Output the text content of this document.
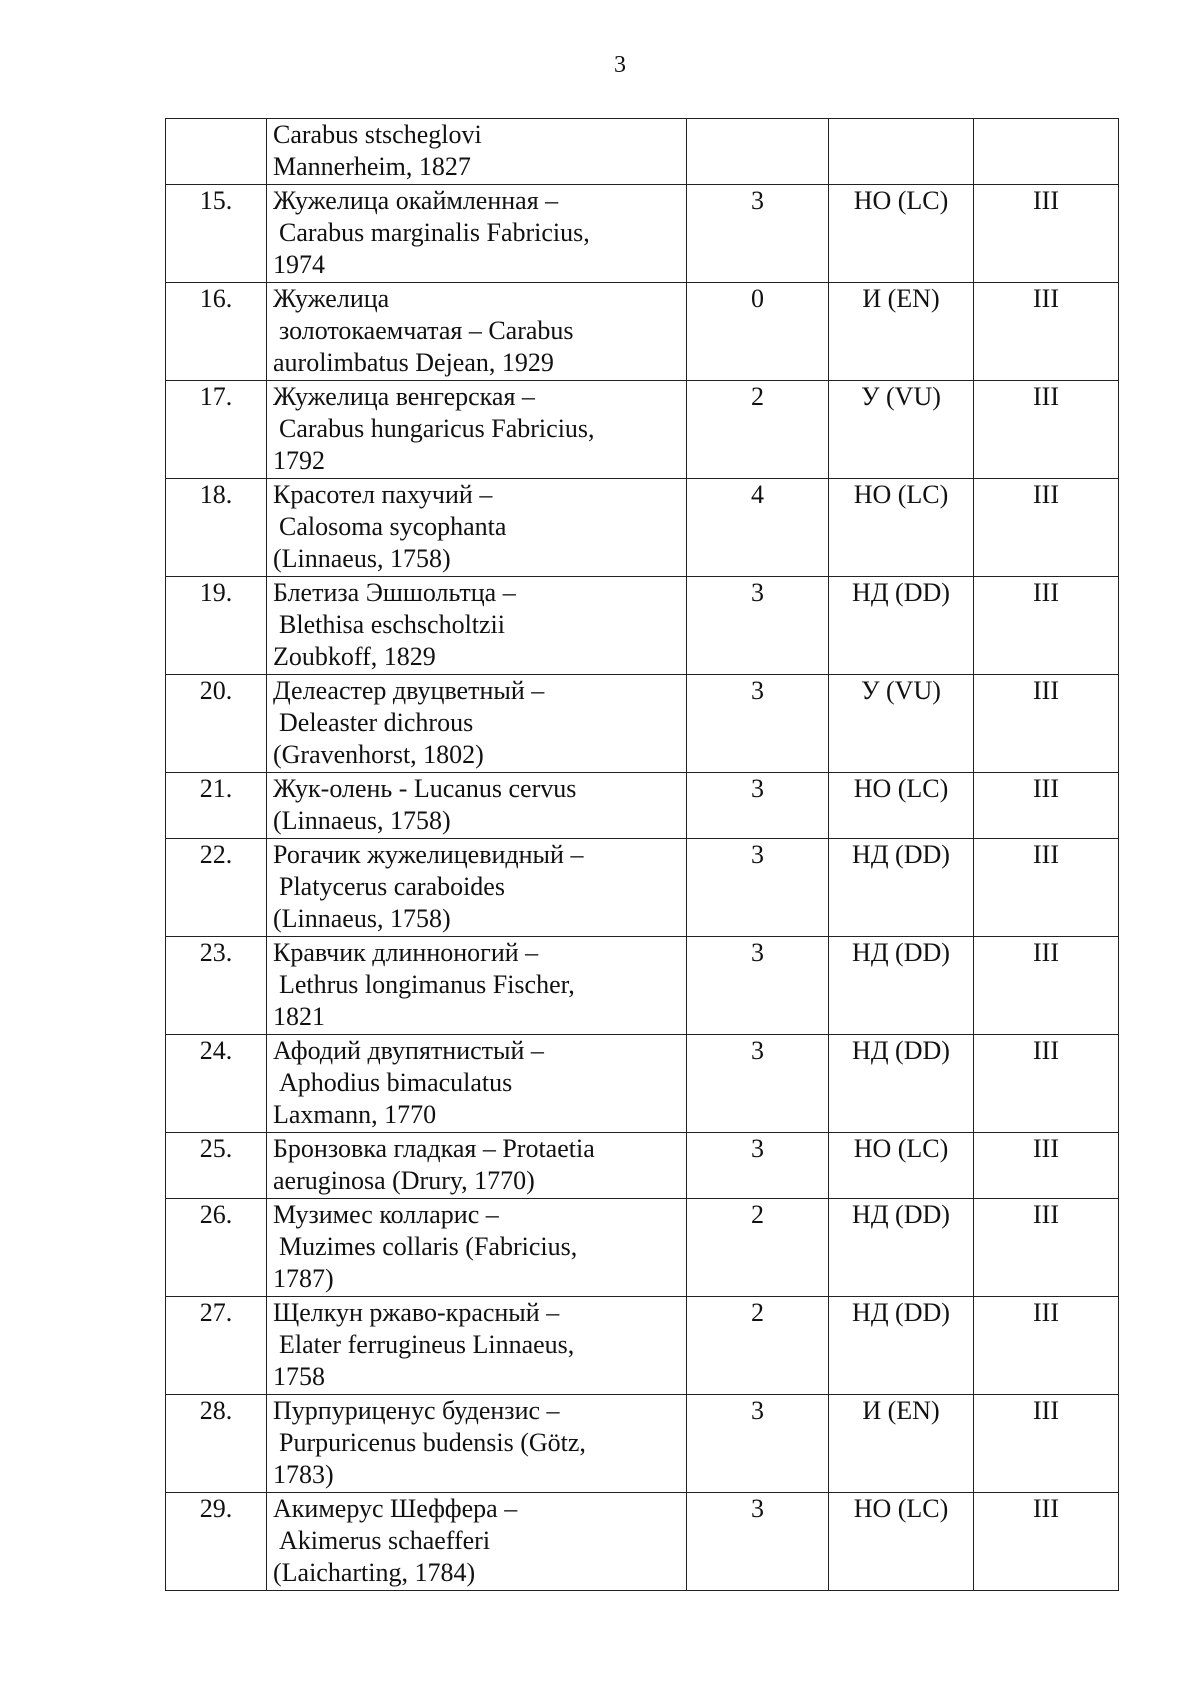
3

	Carabus stscheglovi
Mannerheim, 1827			

15.	Жужелица окаймленная –
Carabus marginalis Fabricius,
1974	3	НО (LC)	III
16.	Жужелица
золотокаемчатая – Carabus
aurolimbatus Dejean, 1929	0	И (EN)	III
17.	Жужелица венгерская –
Carabus hungaricus Fabricius,
1792	2	У (VU)	III
18.	Красотел пахучий –
Calosoma sycophanta
(Linnaeus, 1758)	4	НО (LC)	III
19.	Блетиза Эшшольтца –
Blethisa eschscholtzii
Zoubkoff, 1829	3	НД (DD)	III
20.	Делеастер двуцветный –
Deleaster dichrous
(Gravenhorst, 1802)	3	У (VU)	III
21.	Жук-олень - Lucanus cervus
(Linnaeus, 1758)	3	НО (LC)	III
22.	Рогачик жужелицевидный –
Platycerus caraboides
(Linnaeus, 1758)	3	НД (DD)	III
23.	Кравчик длинноногий –
Lethrus longimanus Fischer,
1821	3	НД (DD)	III
24.	Афодий двупятнистый –
Aphodius bimaculatus
Laxmann, 1770	3	НД (DD)	III
25.	Бронзовка гладкая – Protaetia
aeruginosa (Drury, 1770)	3	НО (LC)	III
26.	Музимес колларис –
Muzimes collaris (Fabricius,
1787)	2	НД (DD)	III
27.	Щелкун ржаво-красный –
Elater ferrugineus Linnaeus,
1758	2	НД (DD)	III
28.	Пурпуриценус будензис –
Purpuricenus budensis (Götz,
1783)	3	И (EN)	III
29.	Акимерус Шеффера –
Akimerus schaefferi
(Laicharting, 1784)	3	НО (LC)	III
